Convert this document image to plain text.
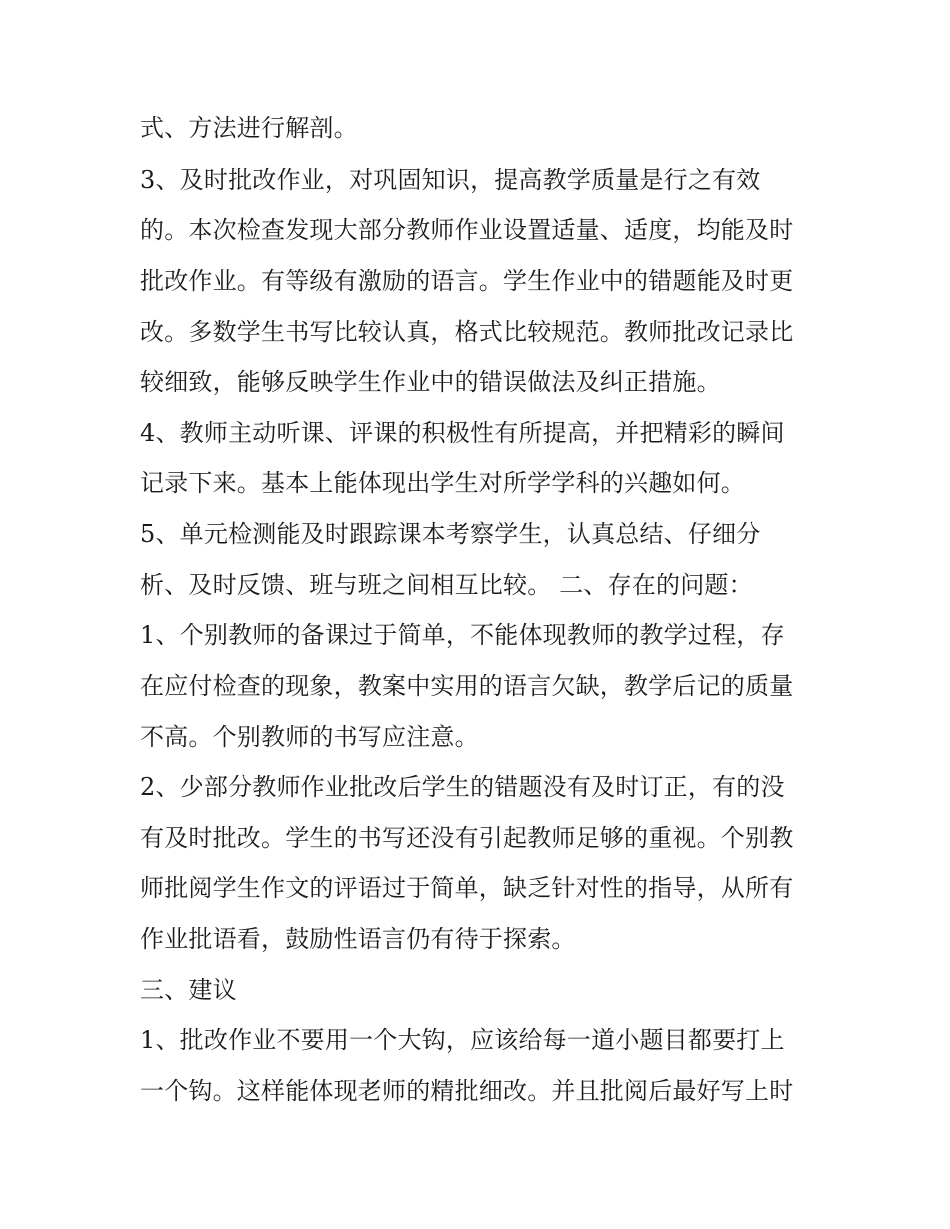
式、方法进行解剖。
3、及时批改作业，对巩固知识，提高教学质量是行之有效
的。本次检查发现大部分教师作业设置适量、适度，均能及时
批改作业。有等级有激励的语言。学生作业中的错题能及时更
改。多数学生书写比较认真，格式比较规范。教师批改记录比
较细致，能够反映学生作业中的错误做法及纠正措施。
4、教师主动听课、评课的积极性有所提高，并把精彩的瞬间
记录下来。基本上能体现出学生对所学学科的兴趣如何。
5、单元检测能及时跟踪课本考察学生，认真总结、仔细分
析、及时反馈、班与班之间相互比较。 二、存在的问题：
1、个别教师的备课过于简单，不能体现教师的教学过程，存
在应付检查的现象，教案中实用的语言欠缺，教学后记的质量
不高。个别教师的书写应注意。
2、少部分教师作业批改后学生的错题没有及时订正，有的没
有及时批改。学生的书写还没有引起教师足够的重视。个别教
师批阅学生作文的评语过于简单，缺乏针对性的指导，从所有
作业批语看，鼓励性语言仍有待于探索。
三、建议
1、批改作业不要用一个大钩，应该给每一道小题目都要打上
一个钩。这样能体现老师的精批细改。并且批阅后最好写上时
